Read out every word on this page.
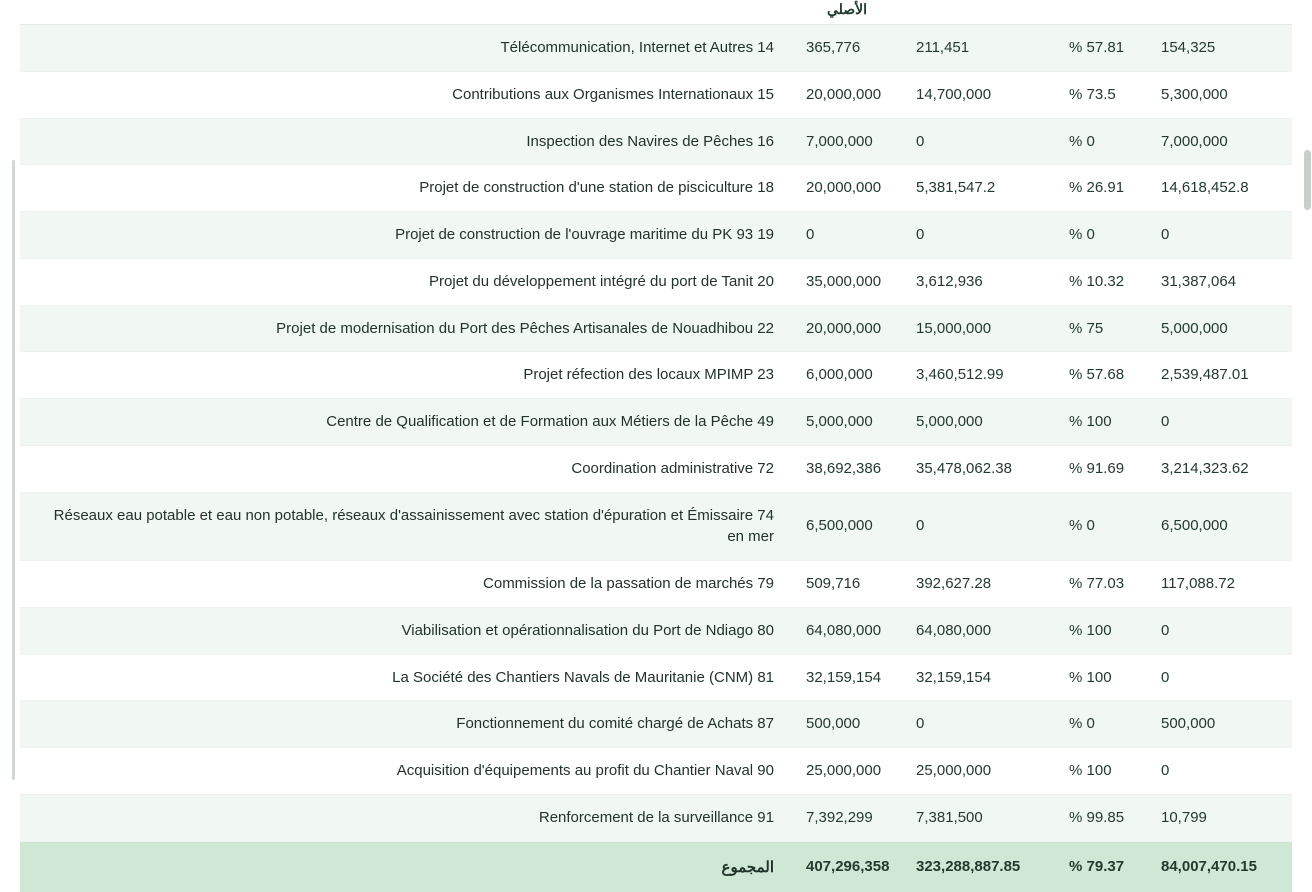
			الأصلي	
154,325	% 57.81	211,451	365,776	Télécommunication, Internet et Autres 14
5,300,000	% 73.5	14,700,000	20,000,000	Contributions aux Organismes Internationaux 15
7,000,000	% 0	0	7,000,000	Inspection des Navires de Pêches 16
14,618,452.8	% 26.91	5,381,547.2	20,000,000	Projet de construction d'une station de pisciculture 18
0	% 0	0	0	Projet de construction de l'ouvrage maritime du PK 93 19
31,387,064	% 10.32	3,612,936	35,000,000	Projet du développement intégré du port de Tanit 20
5,000,000	% 75	15,000,000	20,000,000	Projet de modernisation du Port des Pêches Artisanales de Nouadhibou 22
2,539,487.01	% 57.68	3,460,512.99	6,000,000	Projet réfection des locaux MPIMP 23
0	% 100	5,000,000	5,000,000	Centre de Qualification et de Formation aux Métiers de la Pêche 49
3,214,323.62	% 91.69	35,478,062.38	38,692,386	Coordination administrative 72
6,500,000	% 0	0	6,500,000	Réseaux eau potable et eau non potable, réseaux d'assainissement avec station d'épuration et Émissaire 74 en mer
117,088.72	% 77.03	392,627.28	509,716	Commission de la passation de marchés 79
0	% 100	64,080,000	64,080,000	Viabilisation et opérationnalisation du Port de Ndiago 80
0	% 100	32,159,154	32,159,154	La Société des Chantiers Navals de Mauritanie (CNM) 81
500,000	% 0	0	500,000	Fonctionnement du comité chargé de Achats 87
0	% 100	25,000,000	25,000,000	Acquisition d'équipements au profit du Chantier Naval 90
10,799	% 99.85	7,381,500	7,392,299	Renforcement de la surveillance 91
84,007,470.15	% 79.37	323,288,887.85	407,296,358	المجموع
